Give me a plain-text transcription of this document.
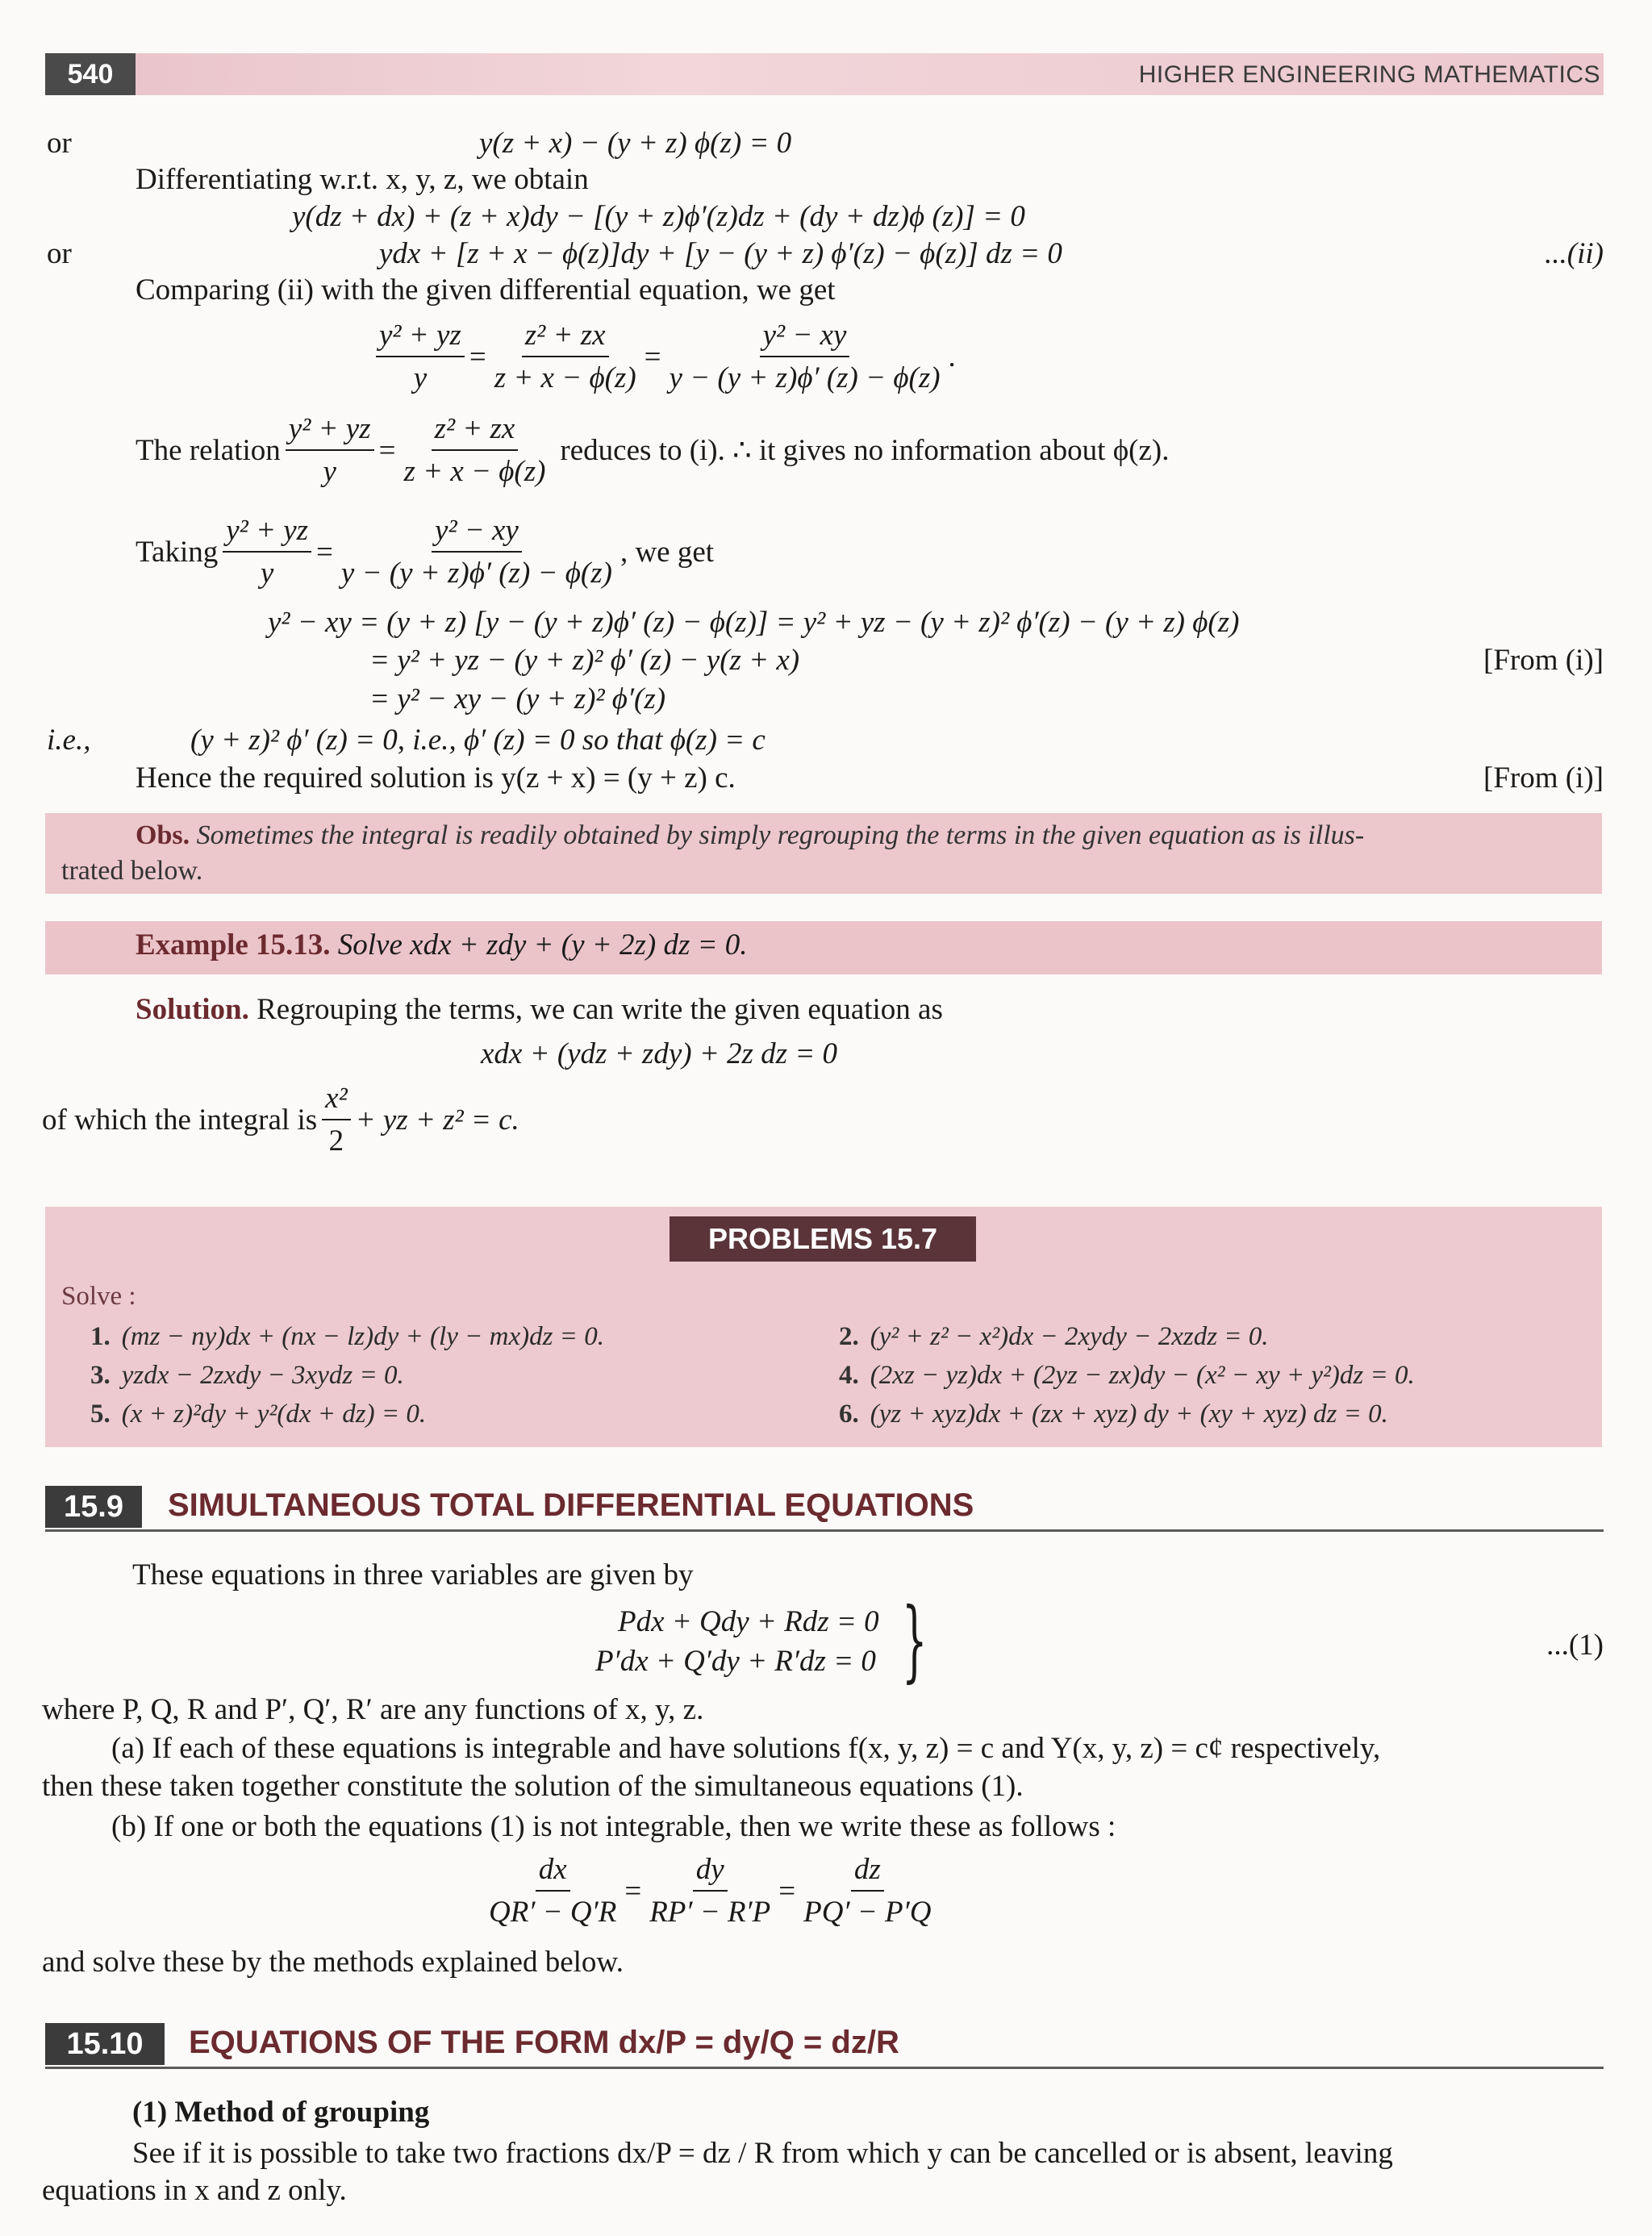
540	HIGHER ENGINEERING MATHEMATICS
or	y(z + x) − (y + z) ϕ(z) = 0
Differentiating w.r.t. x, y, z, we obtain
y(dz + dx) + (z + x)dy − [(y + z)ϕ′(z)dz + (dy + dz)ϕ (z)] = 0
or	ydx + [z + x − ϕ(z)]dy + [y − (y + z) ϕ′(z) − ϕ(z)] dz = 0	...(ii)
Comparing (ii) with the given differential equation, we get
$\frac{\text{y² + yz}}{y} = \frac{\text{z² + zx}}{z + x - \phi(z)} = \frac{\text{y² − xy}}{y - (y + z)\phi' (z) - \phi(z)}$ .
The relation $\frac{\text{y² + yz}}{y} = \frac{\text{z² + zx}}{z + x - \phi(z)}$ reduces to (i). ∴ it gives no information about ϕ(z).
Taking $\frac{\text{y² + yz}}{y} = \frac{\text{y² − xy}}{y - (y + z)\phi' (z) - \phi(z)}$ , we get
y² − xy = (y + z) [y − (y + z)ϕ′ (z) − ϕ(z)] = y² + yz − (y + z)² ϕ′(z) − (y + z) ϕ(z)
= y² + yz − (y + z)² ϕ′ (z) − y(z + x)	[From (i)]
= y² − xy − (y + z)² ϕ′(z)
i.e.,	(y + z)² ϕ′ (z) = 0, i.e., ϕ′ (z) = 0 so that ϕ(z) = c
Hence the required solution is y(z + x) = (y + z) c.	[From (i)]
Obs. Sometimes the integral is readily obtained by simply regrouping the terms in the given equation as is illus-
trated below.
Example 15.13. Solve xdx + zdy + (y + 2z) dz = 0.
Solution. Regrouping the terms, we can write the given equation as
xdx + (ydz + zdy) + 2z dz = 0
of which the integral is $\frac{\text{x²}}{2}$ + yz + z² = c.
PROBLEMS 15.7
Solve :
1. (mz − ny)dx + (nx − lz)dy + (ly − mx)dz = 0.	2. (y² + z² − x²)dx − 2xydy − 2xzdz = 0.
3. yzdx − 2zxdy − 3xydz = 0.	4. (2xz − yz)dx + (2yz − zx)dy − (x² − xy + y²)dz = 0.
5. (x + z)²dy + y²(dx + dz) = 0.	6. (yz + xyz)dx + (zx + xyz) dy + (xy + xyz) dz = 0.
15.9	SIMULTANEOUS TOTAL DIFFERENTIAL EQUATIONS
These equations in three variables are given by
Pdx + Qdy + Rdz = 0
P′dx + Q′dy + R′dz = 0 }	...(1)
where P, Q, R and P′, Q′, R′ are any functions of x, y, z.
(a) If each of these equations is integrable and have solutions f(x, y, z) = c and Y(x, y, z) = c¢ respectively,
then these taken together constitute the solution of the simultaneous equations (1).
(b) If one or both the equations (1) is not integrable, then we write these as follows :
$\frac{dx}{QR' - Q'R} = \frac{dy}{RP' - R'P} = \frac{dz}{PQ' - P'Q}$
and solve these by the methods explained below.
15.10	EQUATIONS OF THE FORM dx/P = dy/Q = dz/R
(1) Method of grouping
See if it is possible to take two fractions dx/P = dz / R from which y can be cancelled or is absent, leaving
equations in x and z only.
